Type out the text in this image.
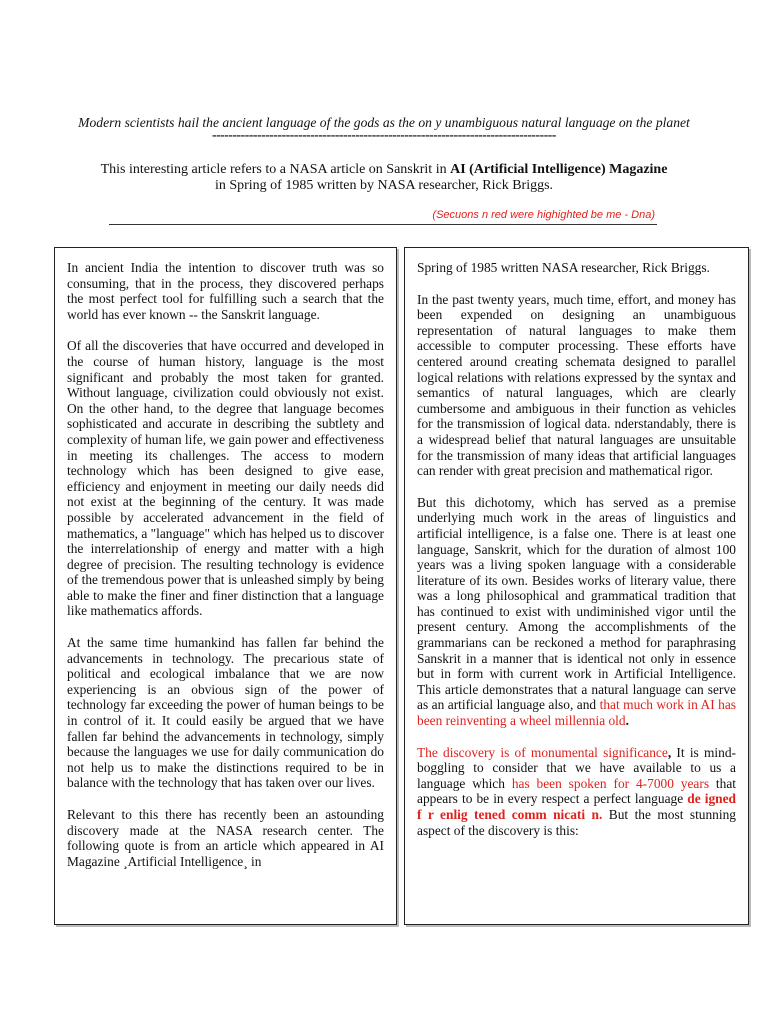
Modern scientists hail the ancient language of the gods as the on y unambiguous natural language on the planet
------------------------------------------------------------------------------------
This interesting article refers to a NASA article on Sanskrit in AI (Artificial Intelligence) Magazine
in Spring of 1985 written by NASA researcher, Rick Briggs.
(Secuons n red were highighted be me - Dna)

In ancient India the intention to discover truth was so consuming, that in the process, they discovered perhaps the most perfect tool for fulfilling such a search that the world has ever known -- the Sanskrit language.

Of all the discoveries that have occurred and developed in the course of human history, language is the most significant and probably the most taken for granted. Without language, civilization could obviously not exist. On the other hand, to the degree that language becomes sophisticated and accurate in describing the subtlety and complexity of human life, we gain power and effectiveness in meeting its challenges. The access to modern technology which has been designed to give ease, efficiency and enjoyment in meeting our daily needs did not exist at the beginning of the century. It was made possible by accelerated advancement in the field of mathematics, a "language" which has helped us to discover the interrelationship of energy and matter with a high degree of precision. The resulting technology is evidence of the tremendous power that is unleashed simply by being able to make the finer and finer distinction that a language like mathematics affords.

At the same time humankind has fallen far behind the advancements in technology. The precarious state of political and ecological imbalance that we are now experiencing is an obvious sign of the power of technology far exceeding the power of human beings to be in control of it. It could easily be argued that we have fallen far behind the advancements in technology, simply because the languages we use for daily communication do not help us to make the distinctions required to be in balance with the technology that has taken over our lives.

Relevant to this there has recently been an astounding discovery made at the NASA research center. The following quote is from an article which appeared in AI Magazine ¸Artificial Intelligence¸ in

Spring of 1985 written NASA researcher, Rick Briggs.

In the past twenty years, much time, effort, and money has been expended on designing an unambiguous representation of natural languages to make them accessible to computer processing. These efforts have centered around creating schemata designed to parallel logical relations with relations expressed by the syntax and semantics of natural languages, which are clearly cumbersome and ambiguous in their function as vehicles for the transmission of logical data. nderstandably, there is a widespread belief that natural languages are unsuitable for the transmission of many ideas that artificial languages can render with great precision and mathematical rigor.

But this dichotomy, which has served as a premise underlying much work in the areas of linguistics and artificial intelligence, is a false one. There is at least one language, Sanskrit, which for the duration of almost 100 years was a living spoken language with a considerable literature of its own. Besides works of literary value, there was a long philosophical and grammatical tradition that has continued to exist with undiminished vigor until the present century. Among the accomplishments of the grammarians can be reckoned a method for paraphrasing Sanskrit in a manner that is identical not only in essence but in form with current work in Artificial Intelligence. This article demonstrates that a natural language can serve as an artificial language also, and that much work in AI has been reinventing a wheel millennia old.

The discovery is of monumental significance, It is mind-boggling to consider that we have available to us a language which has been spoken for 4-7000 years that appears to be in every respect a perfect language de igned f r enlig tened comm nicati n. But the most stunning aspect of the discovery is this:
